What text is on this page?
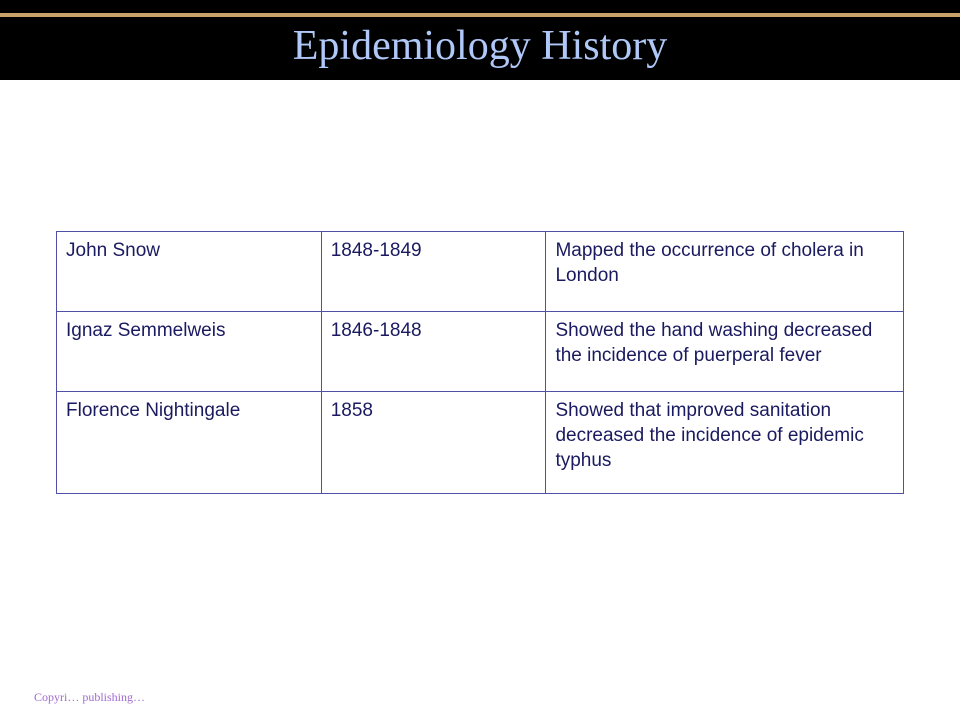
Epidemiology History
John Snow	1848-1849	Mapped the occurrence of cholera in London
Ignaz Semmelweis	1846-1848	Showed the hand washing decreased the incidence of puerperal fever
Florence Nightingale	1858	Showed that improved sanitation decreased the incidence of epidemic typhus
Copyri… publishing…
